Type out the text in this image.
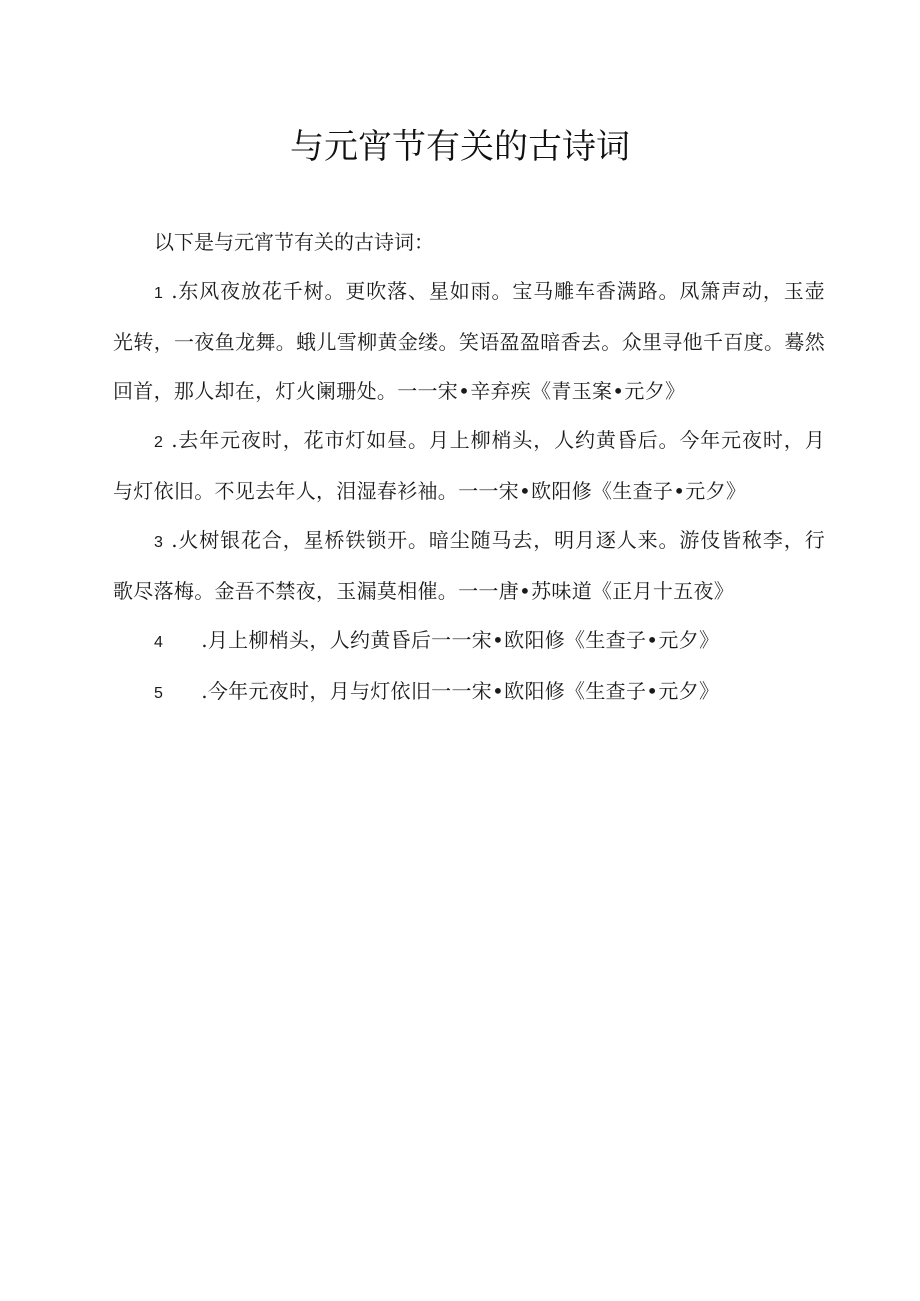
与元宵节有关的古诗词
以下是与元宵节有关的古诗词：
1 .东风夜放花千树。更吹落、星如雨。宝马雕车香满路。凤箫声动，玉壶光转，一夜鱼龙舞。蛾儿雪柳黄金缕。笑语盈盈暗香去。众里寻他千百度。蓦然回首，那人却在，灯火阑珊处。一一宋•辛弃疾《青玉案•元夕》
2 .去年元夜时，花市灯如昼。月上柳梢头，人约黄昏后。今年元夜时，月与灯依旧。不见去年人，泪湿春衫袖。一一宋•欧阳修《生查子•元夕》
3 .火树银花合，星桥铁锁开。暗尘随马去，明月逐人来。游伎皆秾李，行歌尽落梅。金吾不禁夜，玉漏莫相催。一一唐•苏味道《正月十五夜》
4 .月上柳梢头，人约黄昏后一一宋•欧阳修《生查子•元夕》
5 .今年元夜时，月与灯依旧一一宋•欧阳修《生查子•元夕》
